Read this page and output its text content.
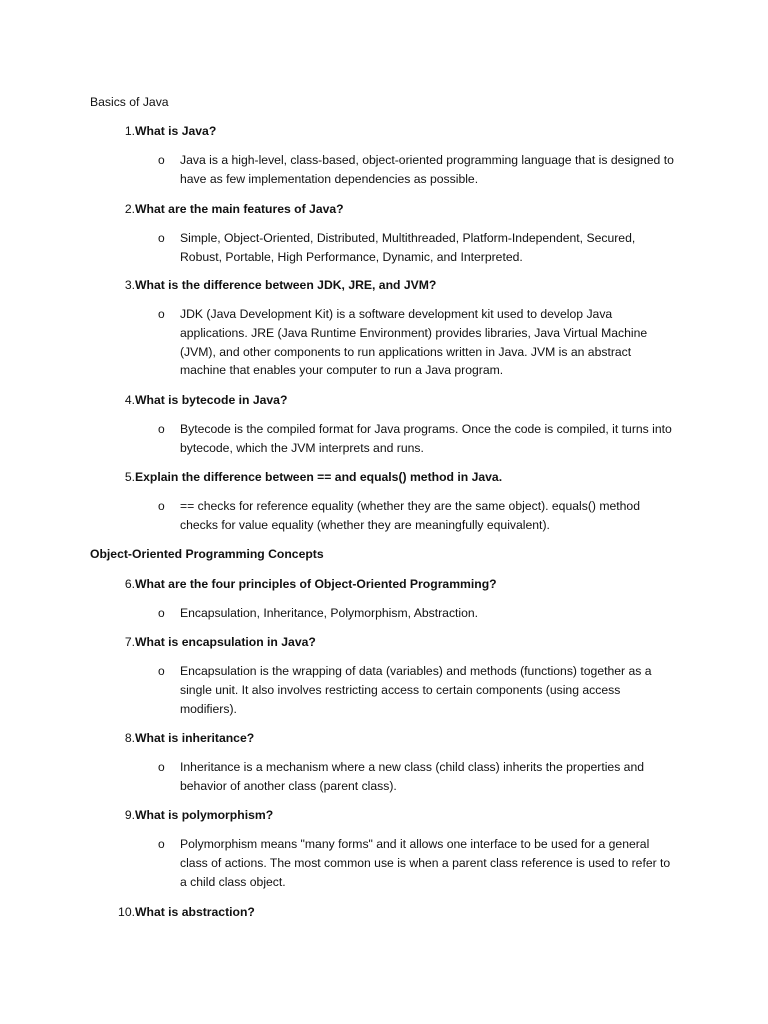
Basics of Java

1. What is Java?
o Java is a high-level, class-based, object-oriented programming language that is designed to have as few implementation dependencies as possible.
2. What are the main features of Java?
o Simple, Object-Oriented, Distributed, Multithreaded, Platform-Independent, Secured, Robust, Portable, High Performance, Dynamic, and Interpreted.
3. What is the difference between JDK, JRE, and JVM?
o JDK (Java Development Kit) is a software development kit used to develop Java applications. JRE (Java Runtime Environment) provides libraries, Java Virtual Machine (JVM), and other components to run applications written in Java. JVM is an abstract machine that enables your computer to run a Java program.
4. What is bytecode in Java?
o Bytecode is the compiled format for Java programs. Once the code is compiled, it turns into bytecode, which the JVM interprets and runs.
5. Explain the difference between == and equals() method in Java.
o == checks for reference equality (whether they are the same object). equals() method checks for value equality (whether they are meaningfully equivalent).

Object-Oriented Programming Concepts

6. What are the four principles of Object-Oriented Programming?
o Encapsulation, Inheritance, Polymorphism, Abstraction.
7. What is encapsulation in Java?
o Encapsulation is the wrapping of data (variables) and methods (functions) together as a single unit. It also involves restricting access to certain components (using access modifiers).
8. What is inheritance?
o Inheritance is a mechanism where a new class (child class) inherits the properties and behavior of another class (parent class).
9. What is polymorphism?
o Polymorphism means "many forms" and it allows one interface to be used for a general class of actions. The most common use is when a parent class reference is used to refer to a child class object.
10. What is abstraction?
